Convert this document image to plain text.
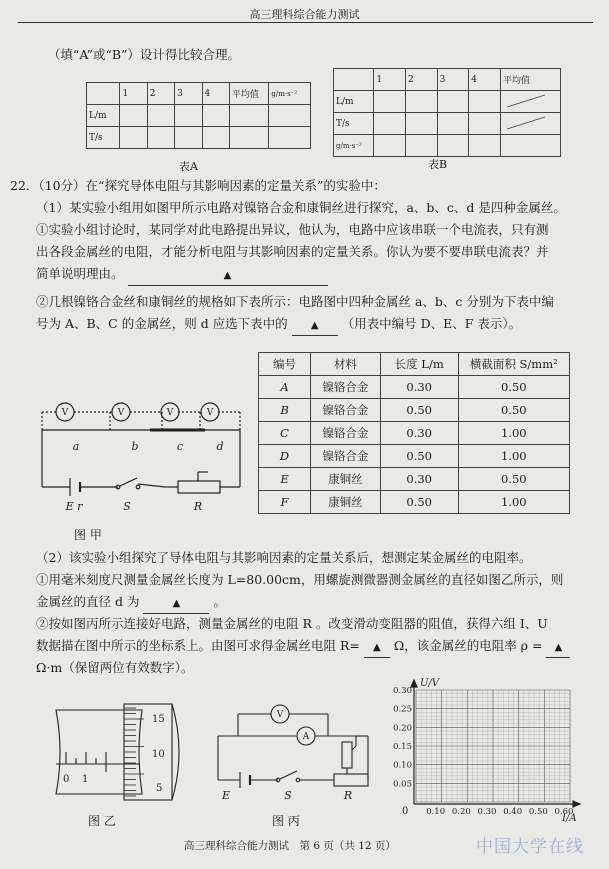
高三理科综合能力测试
（填“A”或“B”）设计得比较合理。
	1	2	3	4	平均值	g/m·s⁻²
L/m						
T/s						
表A
	1	2	3	4	平均值
L/m					

T/s					

g/m·s⁻²					
表B
22．（10分）在“探究导体电阻与其影响因素的定量关系”的实验中：
（1）某实验小组用如图甲所示电路对镍铬合金和康铜丝进行探究，a、b、c、d 是四种金属丝。
①实验小组讨论时，某同学对此电路提出异议，他认为，电路中应该串联一个电流表，只有测
出各段金属丝的电阻，才能分析电阻与其影响因素的定量关系。你认为要不要串联电流表？并
简单说明理由。	▲
②几根镍铬合金丝和康铜丝的规格如下表所示：电路图中四种金属丝 a、b、c 分别为下表中编
号为 A、B、C 的金属丝，则 d 应选下表中的 ▲ （用表中编号 D、E、F 表示）。
编号	材料	长度 L/m	横截面积 S/mm²
A	镍铬合金	0.30	0.50
B	镍铬合金	0.50	0.50
C	镍铬合金	0.30	1.00
D	镍铬合金	0.50	1.00
E	康铜丝	0.30	0.50
F	康铜丝	0.50	1.00
V	V	V	V
a	b	c	d
E r	S	R
图 甲
（2）该实验小组探究了导体电阻与其影响因素的定量关系后，想测定某金属丝的电阻率。
①用毫米刻度尺测量金属丝长度为 L=80.00cm，用螺旋测微器测金属丝的直径如图乙所示，则
金属丝的直径 d 为	▲	。
②按如图丙所示连接好电路，测量金属丝的电阻 R 。改变滑动变阻器的阻值，获得六组 I、U
数据描在图中所示的坐标系上。由图可求得金属丝电阻 R= ▲ Ω，该金属丝的电阻率 ρ = ▲
Ω·m（保留两位有效数字）。
15
10
5
0 1
图 乙
V
A
E	S	R
图 丙
U/V
I/A
0
0.30
0.25
0.20
0.15
0.10
0.05
0.10 0.20 0.30 0.40 0.50 0.60
高三理科综合能力测试　第 6 页（共 12 页）	中国大学在线
